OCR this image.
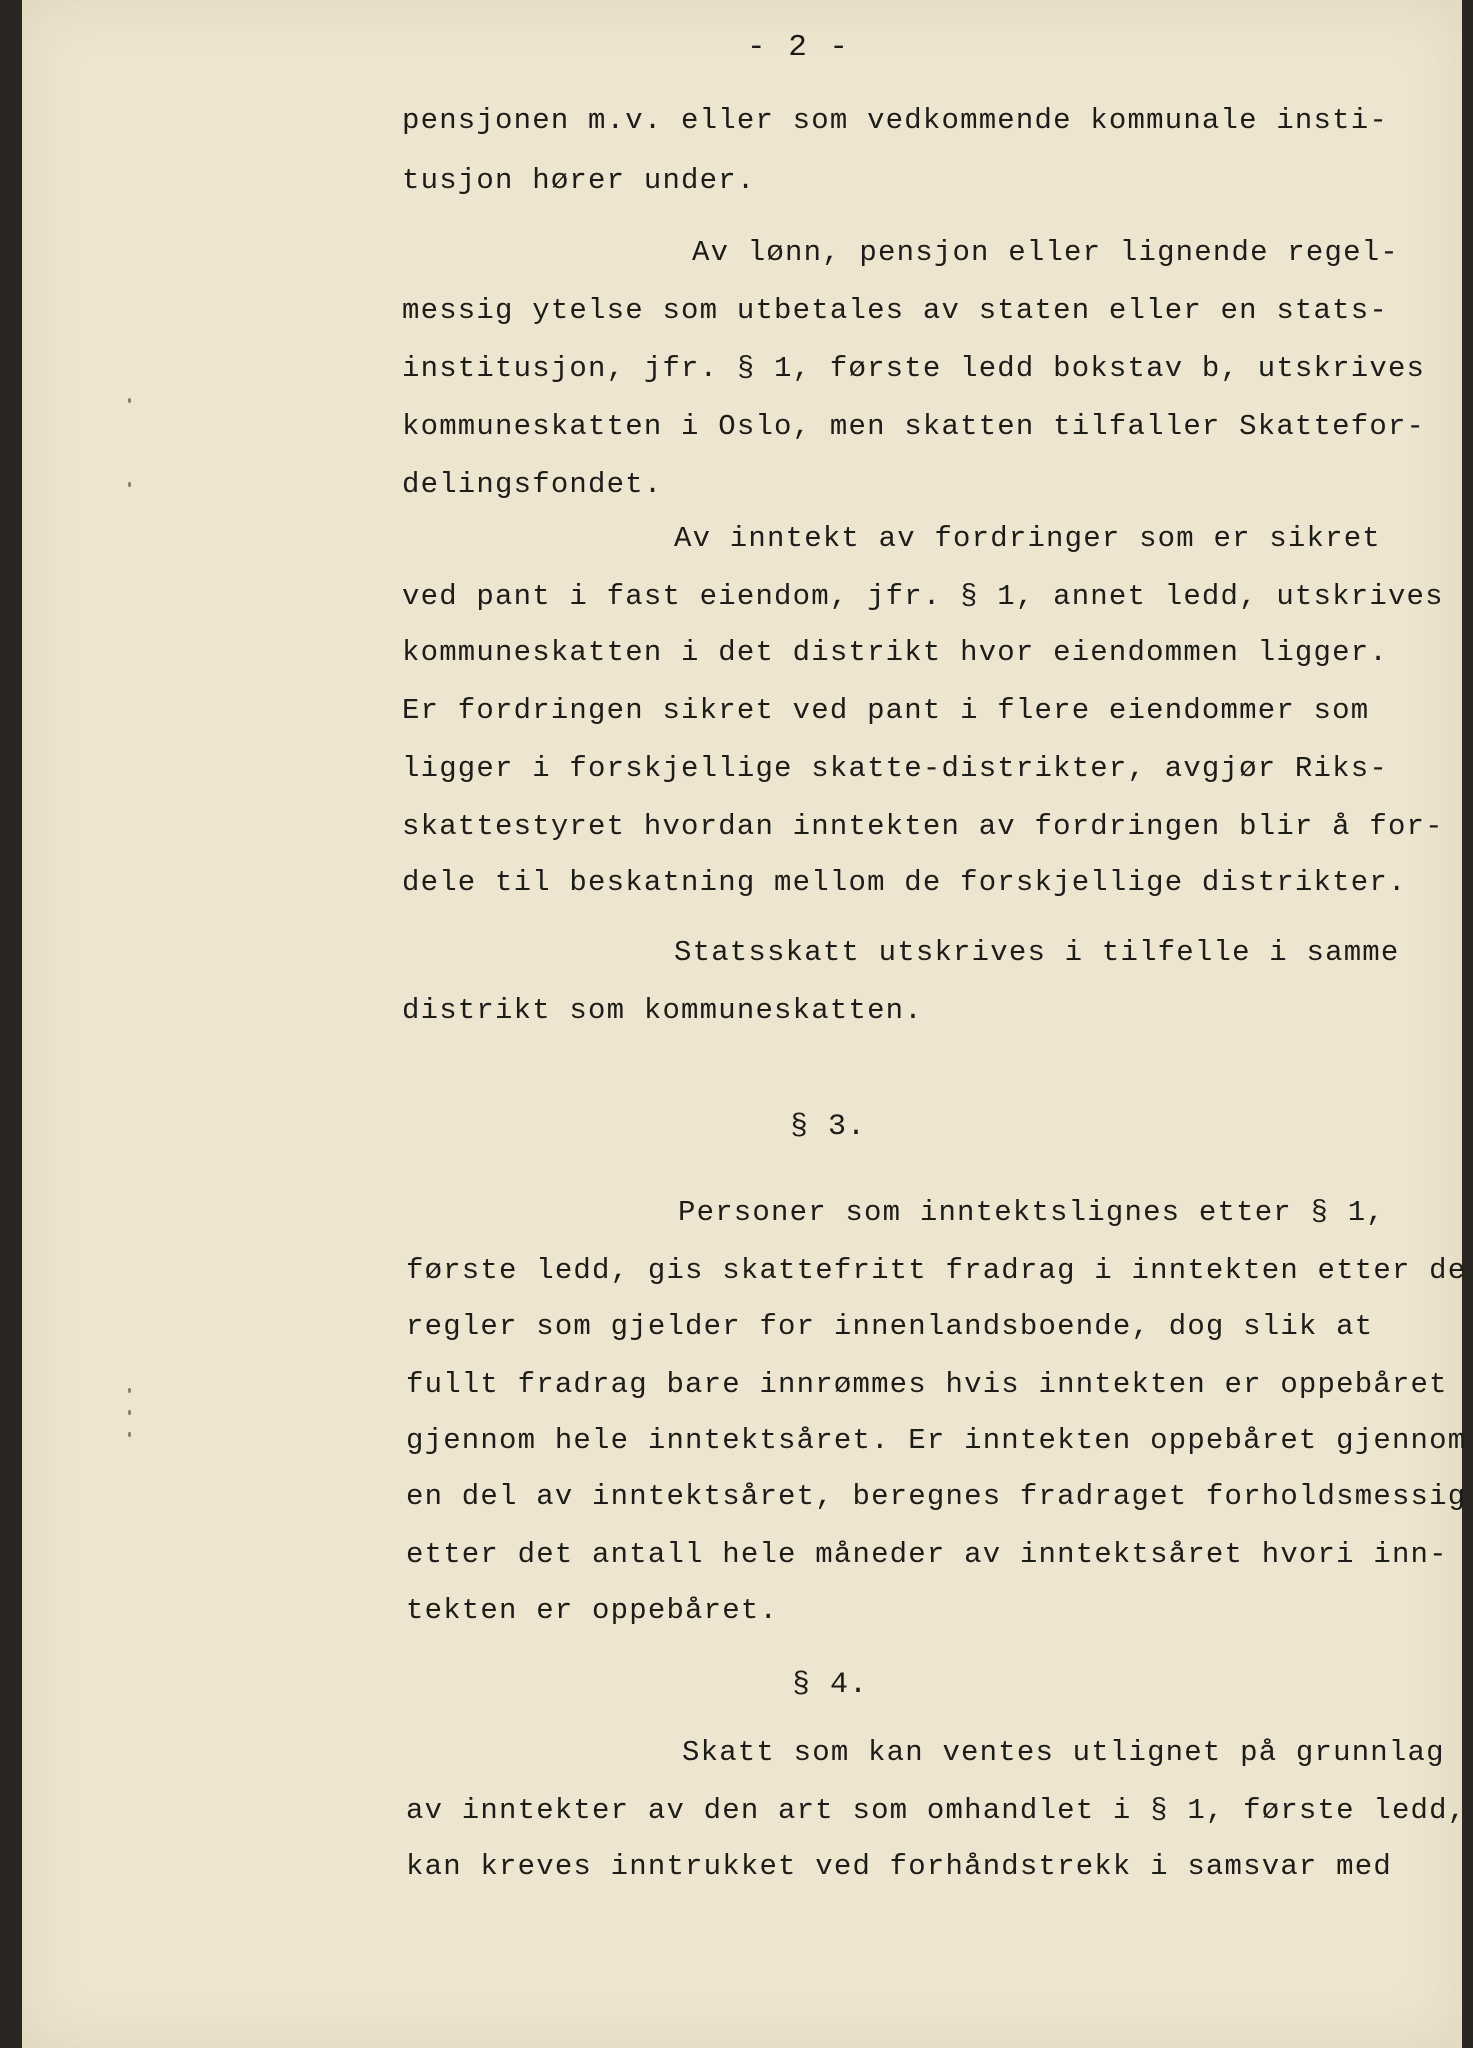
- 2 -
pensjonen m.v. eller som vedkommende kommunale insti-
tusjon hører under.
Av lønn, pensjon eller lignende regel-
messig ytelse som utbetales av staten eller en stats-
institusjon, jfr. § 1, første ledd bokstav b, utskrives
kommuneskatten i Oslo, men skatten tilfaller Skattefor-
delingsfondet.
Av inntekt av fordringer som er sikret
ved pant i fast eiendom, jfr. § 1, annet ledd, utskrives
kommuneskatten i det distrikt hvor eiendommen ligger.
Er fordringen sikret ved pant i flere eiendommer som
ligger i forskjellige skatte-distrikter, avgjør Riks-
skattestyret hvordan inntekten av fordringen blir å for-
dele til beskatning mellom de forskjellige distrikter.
Statsskatt utskrives i tilfelle i samme
distrikt som kommuneskatten.
§ 3.
Personer som inntektslignes etter § 1,
første ledd, gis skattefritt fradrag i inntekten etter de
regler som gjelder for innenlandsboende, dog slik at
fullt fradrag bare innrømmes hvis inntekten er oppebåret
gjennom hele inntektsåret. Er inntekten oppebåret gjennom
en del av inntektsåret, beregnes fradraget forholdsmessig
etter det antall hele måneder av inntektsåret hvori inn-
tekten er oppebåret.
§ 4.
Skatt som kan ventes utlignet på grunnlag
av inntekter av den art som omhandlet i § 1, første ledd,
kan kreves inntrukket ved forhåndstrekk i samsvar med
